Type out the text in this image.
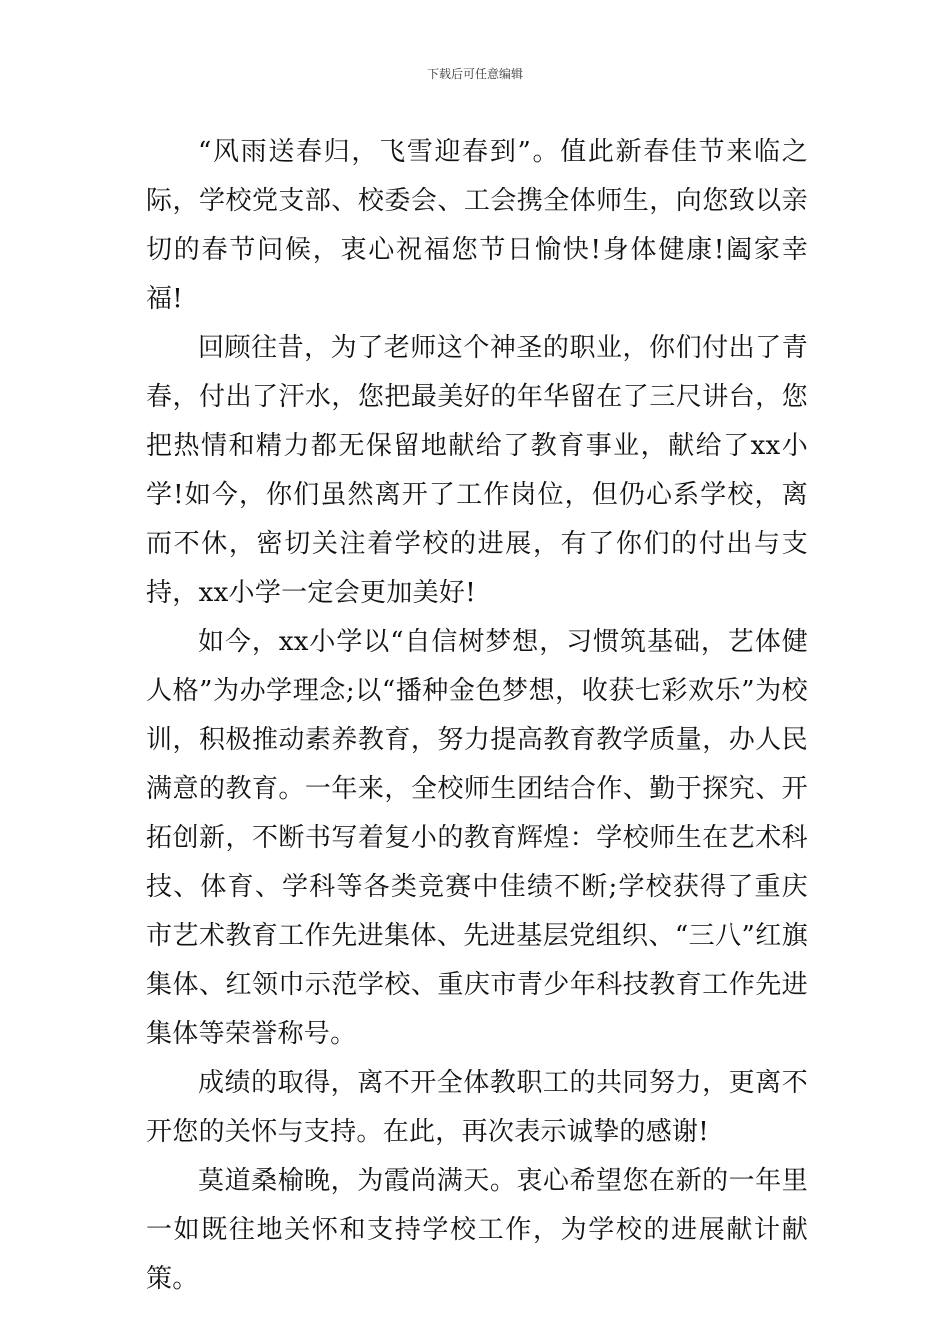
下载后可任意编辑

“风雨送春归，飞雪迎春到”。值此新春佳节来临之际，学校党支部、校委会、工会携全体师生，向您致以亲切的春节问候，衷心祝福您节日愉快!身体健康!阖家幸福!

回顾往昔，为了老师这个神圣的职业，你们付出了青春，付出了汗水，您把最美好的年华留在了三尺讲台，您把热情和精力都无保留地献给了教育事业，献给了xx小学!如今，你们虽然离开了工作岗位，但仍心系学校，离而不休，密切关注着学校的进展，有了你们的付出与支持，xx小学一定会更加美好!

如今，xx小学以“自信树梦想，习惯筑基础，艺体健人格”为办学理念;以“播种金色梦想，收获七彩欢乐”为校训，积极推动素养教育，努力提高教育教学质量，办人民满意的教育。一年来，全校师生团结合作、勤于探究、开拓创新，不断书写着复小的教育辉煌：学校师生在艺术科技、体育、学科等各类竞赛中佳绩不断;学校获得了重庆市艺术教育工作先进集体、先进基层党组织、“三八”红旗集体、红领巾示范学校、重庆市青少年科技教育工作先进集体等荣誉称号。

成绩的取得，离不开全体教职工的共同努力，更离不开您的关怀与支持。在此，再次表示诚挚的感谢!

莫道桑榆晚，为霞尚满天。衷心希望您在新的一年里一如既往地关怀和支持学校工作，为学校的进展献计献策。
